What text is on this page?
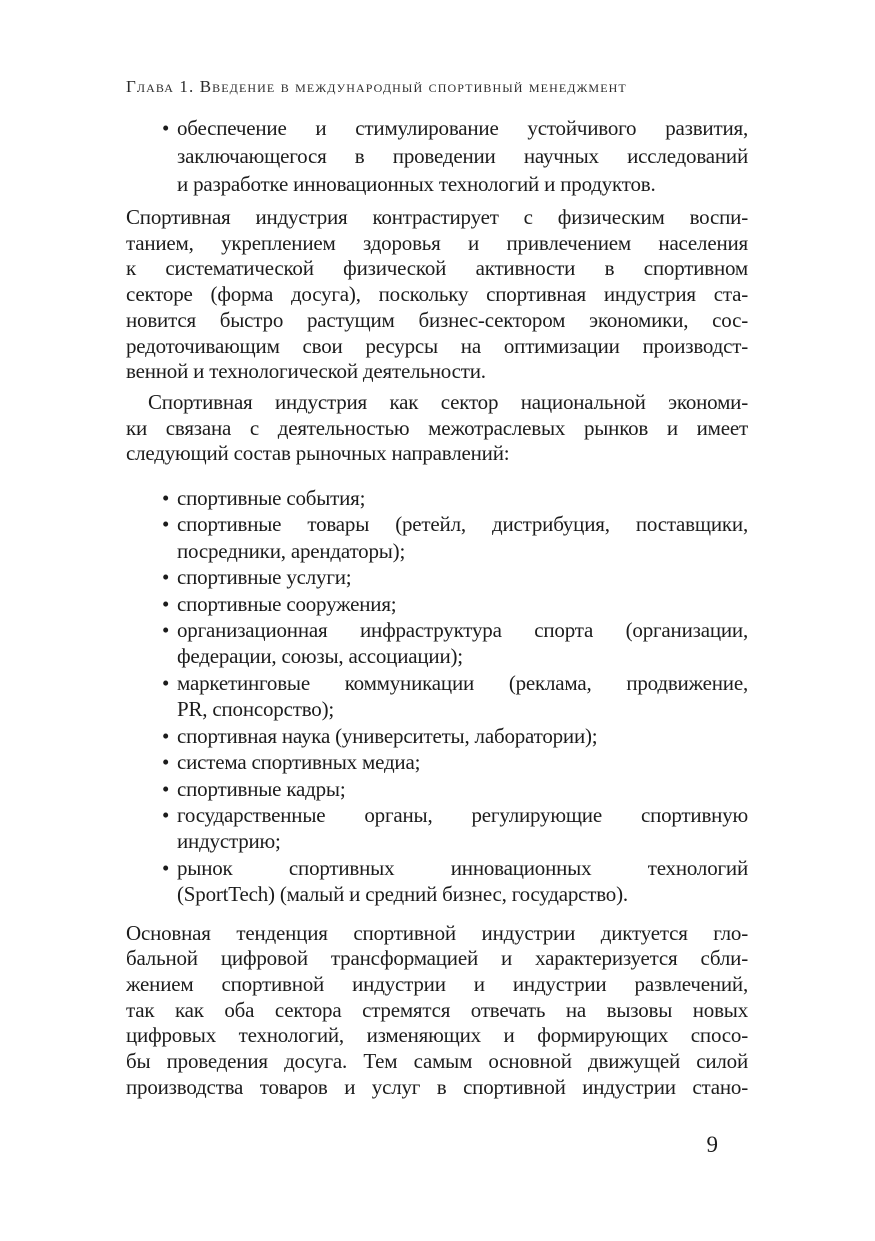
Глава 1. Введение в международный спортивный менеджмент
• обеспечение и стимулирование устойчивого развития,
заключающегося в проведении научных исследований
и разработке инновационных технологий и продуктов.
Спортивная индустрия контрастирует с физическим воспи-
танием, укреплением здоровья и привлечением населения
к систематической физической активности в спортивном
секторе (форма досуга), поскольку спортивная индустрия ста-
новится быстро растущим бизнес-сектором экономики, сос-
редоточивающим свои ресурсы на оптимизации производст-
венной и технологической деятельности.
Спортивная индустрия как сектор национальной экономи-
ки связана с деятельностью межотраслевых рынков и имеет
следующий состав рыночных направлений:
• спортивные события;
• спортивные товары (ретейл, дистрибуция, поставщики,
посредники, арендаторы);
• спортивные услуги;
• спортивные сооружения;
• организационная инфраструктура спорта (организации,
федерации, союзы, ассоциации);
• маркетинговые коммуникации (реклама, продвижение,
PR, спонсорство);
• спортивная наука (университеты, лаборатории);
• система спортивных медиа;
• спортивные кадры;
• государственные органы, регулирующие спортивную
индустрию;
• рынок спортивных инновационных технологий
(SportTech) (малый и средний бизнес, государство).
Основная тенденция спортивной индустрии диктуется гло-
бальной цифровой трансформацией и характеризуется сбли-
жением спортивной индустрии и индустрии развлечений,
так как оба сектора стремятся отвечать на вызовы новых
цифровых технологий, изменяющих и формирующих спосо-
бы проведения досуга. Тем самым основной движущей силой
производства товаров и услуг в спортивной индустрии стано-
9
